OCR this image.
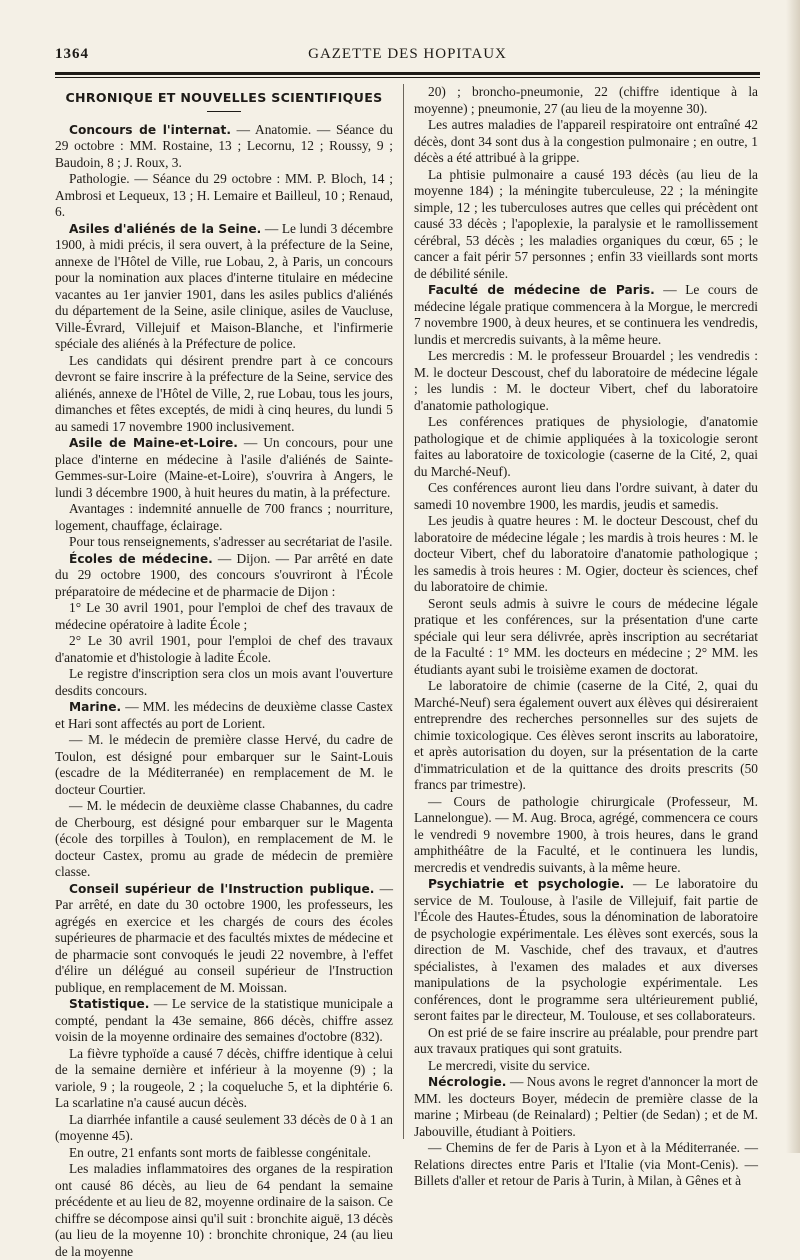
1364	GAZETTE DES HOPITAUX
CHRONIQUE ET NOUVELLES SCIENTIFIQUES

Concours de l'internat. — Anatomie. — Séance du 29 octobre : MM. Rostaine, 13 ; Lecornu, 12 ; Roussy, 9 ; Baudoin, 8 ; J. Roux, 3.

Pathologie. — Séance du 29 octobre : MM. P. Bloch, 14 ; Ambrosi et Lequeux, 13 ; H. Lemaire et Bailleul, 10 ; Renaud, 6.

Asiles d'aliénés de la Seine. — Le lundi 3 décembre 1900, à midi précis, il sera ouvert, à la préfecture de la Seine, annexe de l'Hôtel de Ville, rue Lobau, 2, à Paris, un concours pour la nomination aux places d'interne titulaire en médecine vacantes au 1er janvier 1901, dans les asiles publics d'aliénés du département de la Seine, asile clinique, asiles de Vaucluse, Ville-Évrard, Villejuif et Maison-Blanche, et l'infirmerie spéciale des aliénés à la Préfecture de police.

Les candidats qui désirent prendre part à ce concours devront se faire inscrire à la préfecture de la Seine, service des aliénés, annexe de l'Hôtel de Ville, 2, rue Lobau, tous les jours, dimanches et fêtes exceptés, de midi à cinq heures, du lundi 5 au samedi 17 novembre 1900 inclusivement.

Asile de Maine-et-Loire. — Un concours, pour une place d'interne en médecine à l'asile d'aliénés de Sainte-Gemmes-sur-Loire (Maine-et-Loire), s'ouvrira à Angers, le lundi 3 décembre 1900, à huit heures du matin, à la préfecture.

Avantages : indemnité annuelle de 700 francs ; nourriture, logement, chauffage, éclairage.

Pour tous renseignements, s'adresser au secrétariat de l'asile.

Écoles de médecine. — Dijon. — Par arrêté en date du 29 octobre 1900, des concours s'ouvriront à l'École préparatoire de médecine et de pharmacie de Dijon :

1° Le 30 avril 1901, pour l'emploi de chef des travaux de médecine opératoire à ladite École ;

2° Le 30 avril 1901, pour l'emploi de chef des travaux d'anatomie et d'histologie à ladite École.

Le registre d'inscription sera clos un mois avant l'ouverture desdits concours.

Marine. — MM. les médecins de deuxième classe Castex et Hari sont affectés au port de Lorient.

— M. le médecin de première classe Hervé, du cadre de Toulon, est désigné pour embarquer sur le Saint-Louis (escadre de la Méditerranée) en remplacement de M. le docteur Courtier.

— M. le médecin de deuxième classe Chabannes, du cadre de Cherbourg, est désigné pour embarquer sur le Magenta (école des torpilles à Toulon), en remplacement de M. le docteur Castex, promu au grade de médecin de première classe.

Conseil supérieur de l'Instruction publique. — Par arrêté, en date du 30 octobre 1900, les professeurs, les agrégés en exercice et les chargés de cours des écoles supérieures de pharmacie et des facultés mixtes de médecine et de pharmacie sont convoqués le jeudi 22 novembre, à l'effet d'élire un délégué au conseil supérieur de l'Instruction publique, en remplacement de M. Moissan.

Statistique. — Le service de la statistique municipale a compté, pendant la 43e semaine, 866 décès, chiffre assez voisin de la moyenne ordinaire des semaines d'octobre (832).

La fièvre typhoïde a causé 7 décès, chiffre identique à celui de la semaine dernière et inférieur à la moyenne (9) ; la variole, 9 ; la rougeole, 2 ; la coqueluche 5, et la diphtérie 6. La scarlatine n'a causé aucun décès.

La diarrhée infantile a causé seulement 33 décès de 0 à 1 an (moyenne 45).

En outre, 21 enfants sont morts de faiblesse congénitale.

Les maladies inflammatoires des organes de la respiration ont causé 86 décès, au lieu de 64 pendant la semaine précédente et au lieu de 82, moyenne ordinaire de la saison. Ce chiffre se décompose ainsi qu'il suit : bronchite aiguë, 13 décès (au lieu de la moyenne 10) : bronchite chronique, 24 (au lieu de la moyenne

20) ; broncho-pneumonie, 22 (chiffre identique à la moyenne) ; pneumonie, 27 (au lieu de la moyenne 30).

Les autres maladies de l'appareil respiratoire ont entraîné 42 décès, dont 34 sont dus à la congestion pulmonaire ; en outre, 1 décès a été attribué à la grippe.

La phtisie pulmonaire a causé 193 décès (au lieu de la moyenne 184) ; la méningite tuberculeuse, 22 ; la méningite simple, 12 ; les tuberculoses autres que celles qui précèdent ont causé 33 décès ; l'apoplexie, la paralysie et le ramollissement cérébral, 53 décès ; les maladies organiques du cœur, 65 ; le cancer a fait périr 57 personnes ; enfin 33 vieillards sont morts de débilité sénile.

Faculté de médecine de Paris. — Le cours de médecine légale pratique commencera à la Morgue, le mercredi 7 novembre 1900, à deux heures, et se continuera les vendredis, lundis et mercredis suivants, à la même heure.

Les mercredis : M. le professeur Brouardel ; les vendredis : M. le docteur Descoust, chef du laboratoire de médecine légale ; les lundis : M. le docteur Vibert, chef du laboratoire d'anatomie pathologique.

Les conférences pratiques de physiologie, d'anatomie pathologique et de chimie appliquées à la toxicologie seront faites au laboratoire de toxicologie (caserne de la Cité, 2, quai du Marché-Neuf).

Ces conférences auront lieu dans l'ordre suivant, à dater du samedi 10 novembre 1900, les mardis, jeudis et samedis.

Les jeudis à quatre heures : M. le docteur Descoust, chef du laboratoire de médecine légale ; les mardis à trois heures : M. le docteur Vibert, chef du laboratoire d'anatomie pathologique ; les samedis à trois heures : M. Ogier, docteur ès sciences, chef du laboratoire de chimie.

Seront seuls admis à suivre le cours de médecine légale pratique et les conférences, sur la présentation d'une carte spéciale qui leur sera délivrée, après inscription au secrétariat de la Faculté : 1° MM. les docteurs en médecine ; 2° MM. les étudiants ayant subi le troisième examen de doctorat.

Le laboratoire de chimie (caserne de la Cité, 2, quai du Marché-Neuf) sera également ouvert aux élèves qui désireraient entreprendre des recherches personnelles sur des sujets de chimie toxicologique. Ces élèves seront inscrits au laboratoire, et après autorisation du doyen, sur la présentation de la carte d'immatriculation et de la quittance des droits prescrits (50 francs par trimestre).

— Cours de pathologie chirurgicale (Professeur, M. Lannelongue). — M. Aug. Broca, agrégé, commencera ce cours le vendredi 9 novembre 1900, à trois heures, dans le grand amphithéâtre de la Faculté, et le continuera les lundis, mercredis et vendredis suivants, à la même heure.

Psychiatrie et psychologie. — Le laboratoire du service de M. Toulouse, à l'asile de Villejuif, fait partie de l'École des Hautes-Études, sous la dénomination de laboratoire de psychologie expérimentale. Les élèves sont exercés, sous la direction de M. Vaschide, chef des travaux, et d'autres spécialistes, à l'examen des malades et aux diverses manipulations de la psychologie expérimentale. Les conférences, dont le programme sera ultérieurement publié, seront faites par le directeur, M. Toulouse, et ses collaborateurs.

On est prié de se faire inscrire au préalable, pour prendre part aux travaux pratiques qui sont gratuits.

Le mercredi, visite du service.

Nécrologie. — Nous avons le regret d'annoncer la mort de MM. les docteurs Boyer, médecin de première classe de la marine ; Mirbeau (de Reinalard) ; Peltier (de Sedan) ; et de M. Jabouville, étudiant à Poitiers.

— Chemins de fer de Paris à Lyon et à la Méditerranée. — Relations directes entre Paris et l'Italie (via Mont-Cenis). — Billets d'aller et retour de Paris à Turin, à Milan, à Gênes et à
